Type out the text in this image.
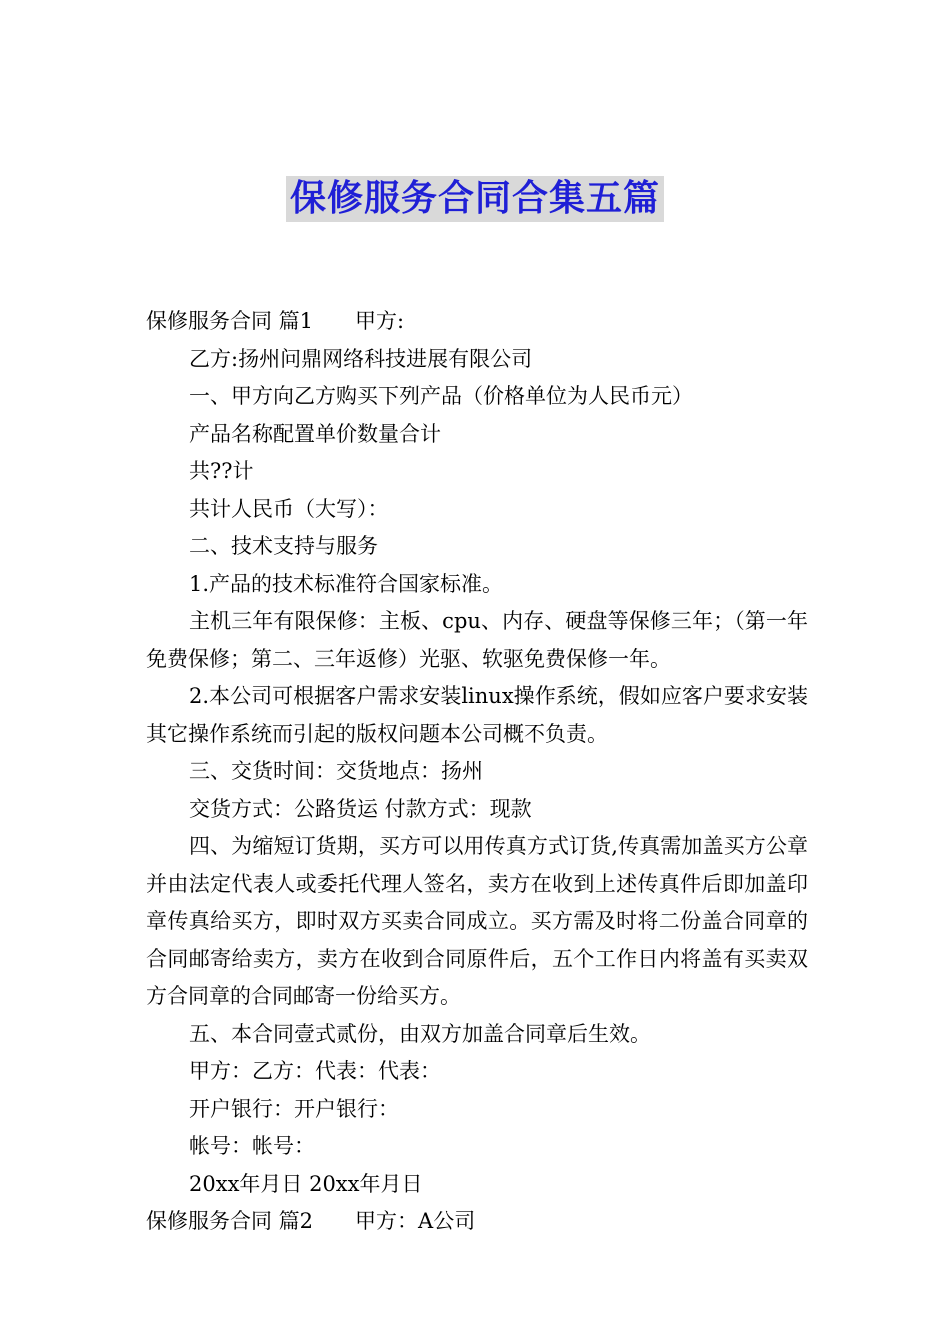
保修服务合同合集五篇

保修服务合同 篇1　　甲方:

乙方:扬州问鼎网络科技进展有限公司

一、甲方向乙方购买下列产品（价格单位为人民币元）

产品名称配置单价数量合计

共??计

共计人民币（大写）：

二、技术支持与服务

1.产品的技术标准符合国家标准。

主机三年有限保修：主板、cpu、内存、硬盘等保修三年；（第一年免费保修；第二、三年返修）光驱、软驱免费保修一年。

2.本公司可根据客户需求安装linux操作系统，假如应客户要求安装其它操作系统而引起的版权问题本公司概不负责。

三、交货时间：交货地点：扬州

交货方式：公路货运 付款方式：现款

四、为缩短订货期，买方可以用传真方式订货,传真需加盖买方公章并由法定代表人或委托代理人签名，卖方在收到上述传真件后即加盖印章传真给买方，即时双方买卖合同成立。买方需及时将二份盖合同章的合同邮寄给卖方，卖方在收到合同原件后，五个工作日内将盖有买卖双方合同章的合同邮寄一份给买方。

五、本合同壹式贰份，由双方加盖合同章后生效。

甲方：乙方：代表：代表：

开户银行：开户银行：

帐号：帐号：

20xx年月日 20xx年月日

保修服务合同 篇2　　甲方：A公司
